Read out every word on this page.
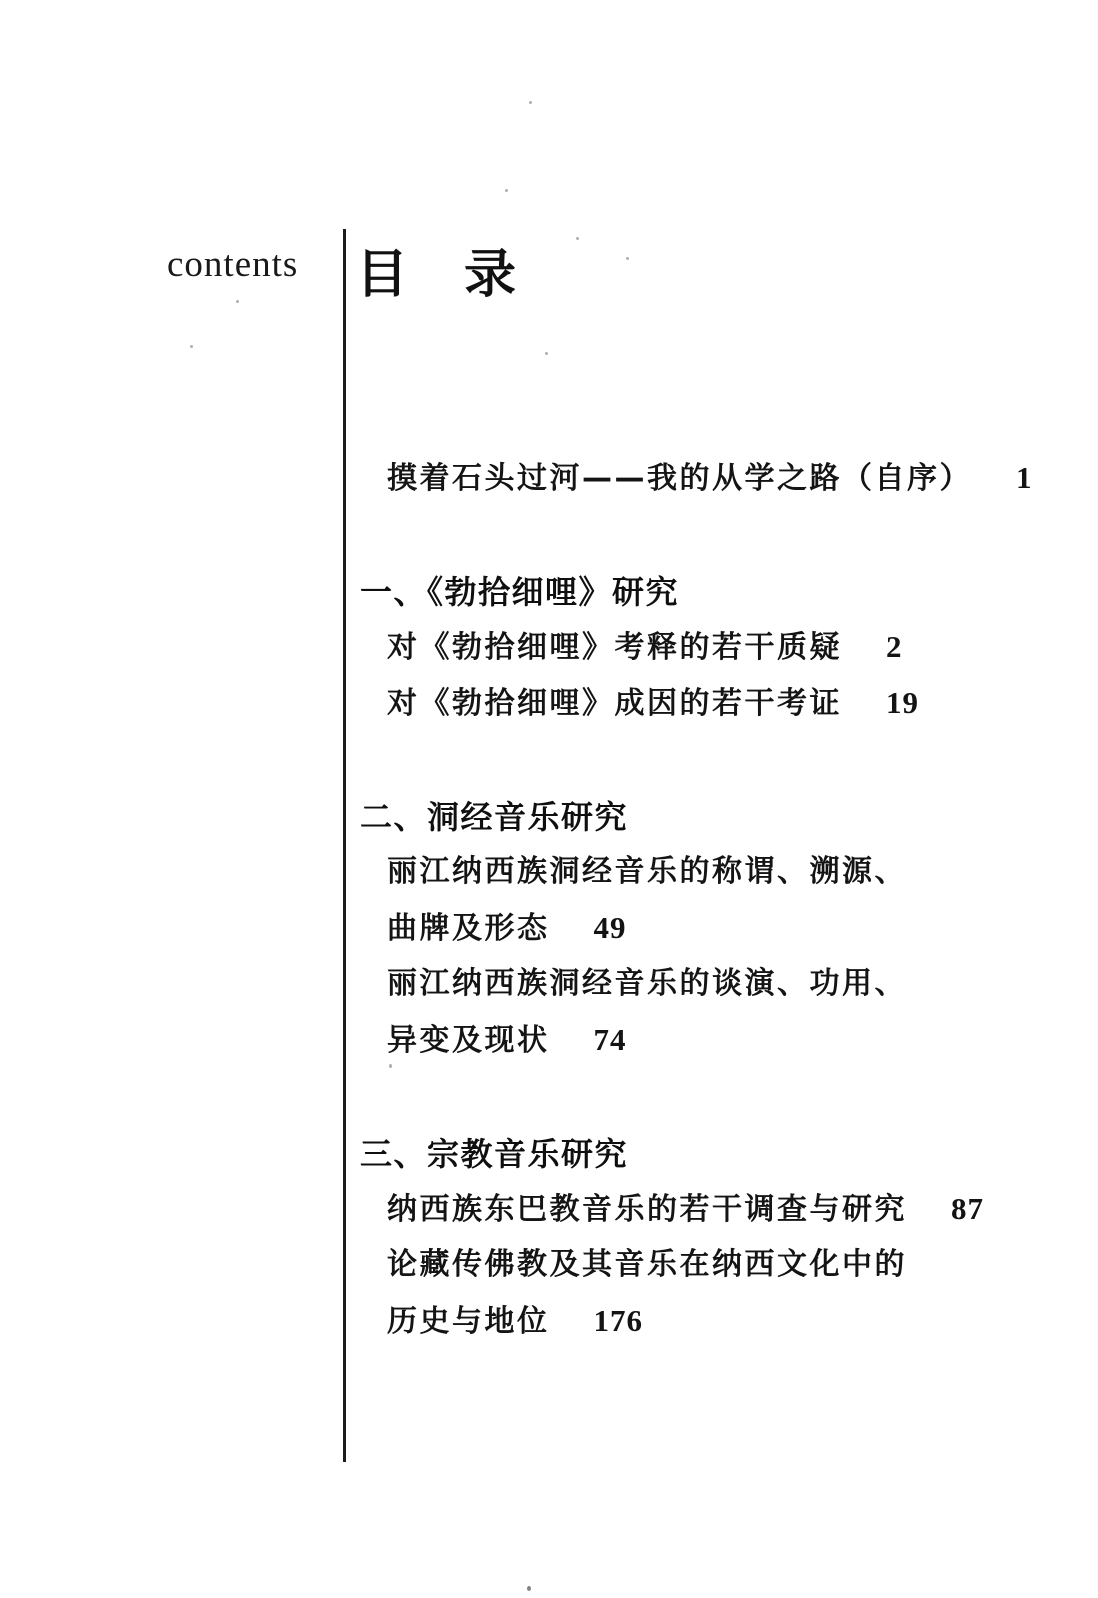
contents 目　录
摸着石头过河——我的从学之路（自序） 1
一、《勃拾细哩》研究
对《勃拾细哩》考释的若干质疑 2
对《勃拾细哩》成因的若干考证 19
二、洞经音乐研究
丽江纳西族洞经音乐的称谓、溯源、
曲牌及形态 49
丽江纳西族洞经音乐的谈演、功用、
异变及现状 74
三、宗教音乐研究
纳西族东巴教音乐的若干调查与研究 87
论藏传佛教及其音乐在纳西文化中的
历史与地位 176
